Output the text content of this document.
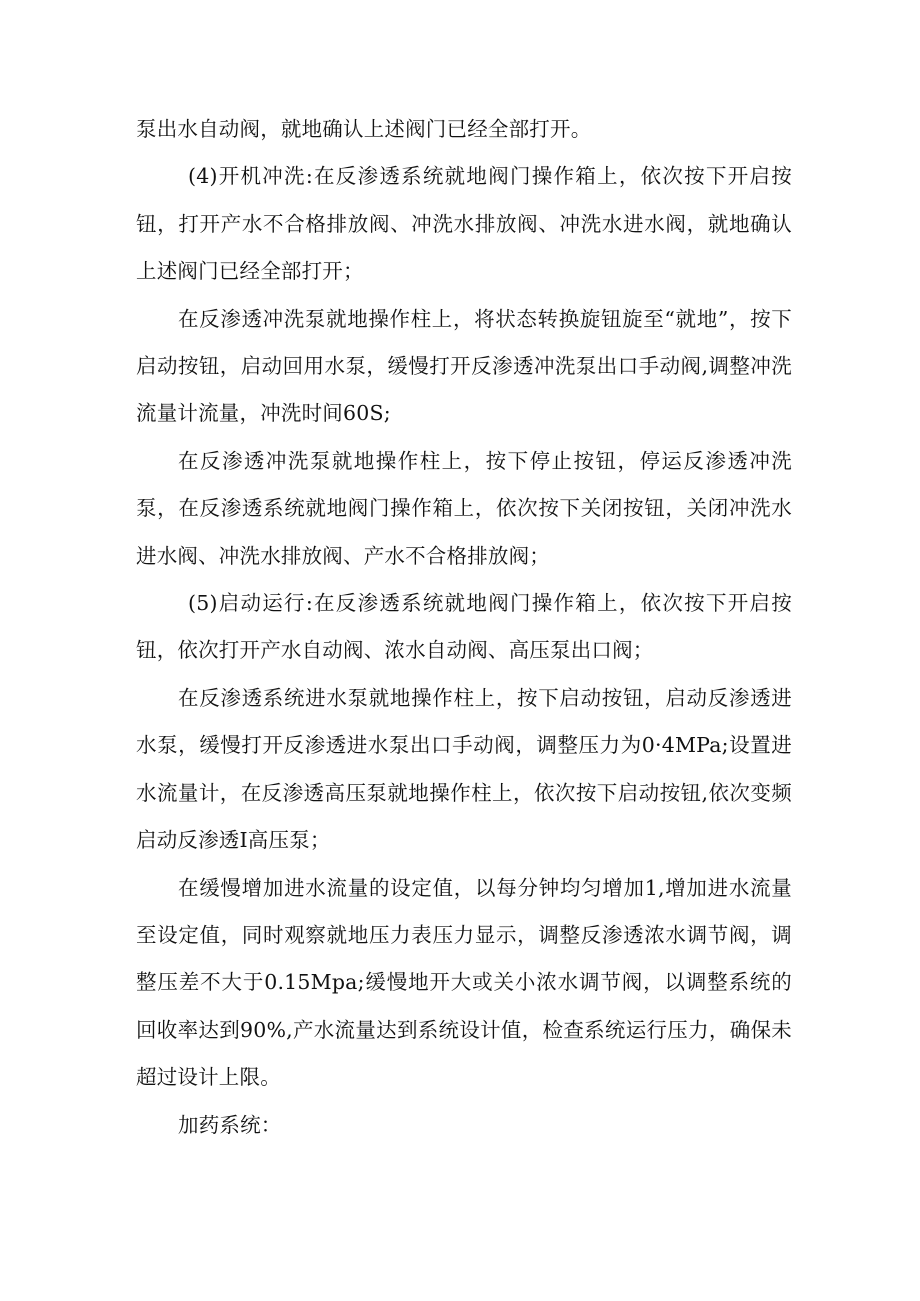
泵出水自动阀，就地确认上述阀门已经全部打开。

(4)开机冲洗:在反渗透系统就地阀门操作箱上，依次按下开启按钮，打开产水不合格排放阀、冲洗水排放阀、冲洗水进水阀，就地确认上述阀门已经全部打开；

在反渗透冲洗泵就地操作柱上，将状态转换旋钮旋至“就地”，按下启动按钮，启动回用水泵，缓慢打开反渗透冲洗泵出口手动阀,调整冲洗流量计流量，冲洗时间60S;

在反渗透冲洗泵就地操作柱上，按下停止按钮，停运反渗透冲洗泵，在反渗透系统就地阀门操作箱上，依次按下关闭按钮，关闭冲洗水进水阀、冲洗水排放阀、产水不合格排放阀；

(5)启动运行:在反渗透系统就地阀门操作箱上，依次按下开启按钮，依次打开产水自动阀、浓水自动阀、高压泵出口阀；

在反渗透系统进水泵就地操作柱上，按下启动按钮，启动反渗透进水泵，缓慢打开反渗透进水泵出口手动阀，调整压力为0·4MPa;设置进水流量计，在反渗透高压泵就地操作柱上，依次按下启动按钮,依次变频启动反渗透I高压泵；

在缓慢增加进水流量的设定值，以每分钟均匀增加1,增加进水流量至设定值，同时观察就地压力表压力显示，调整反渗透浓水调节阀，调整压差不大于0.15Mpa;缓慢地开大或关小浓水调节阀，以调整系统的回收率达到90%,产水流量达到系统设计值，检查系统运行压力，确保未超过设计上限。

加药系统：
